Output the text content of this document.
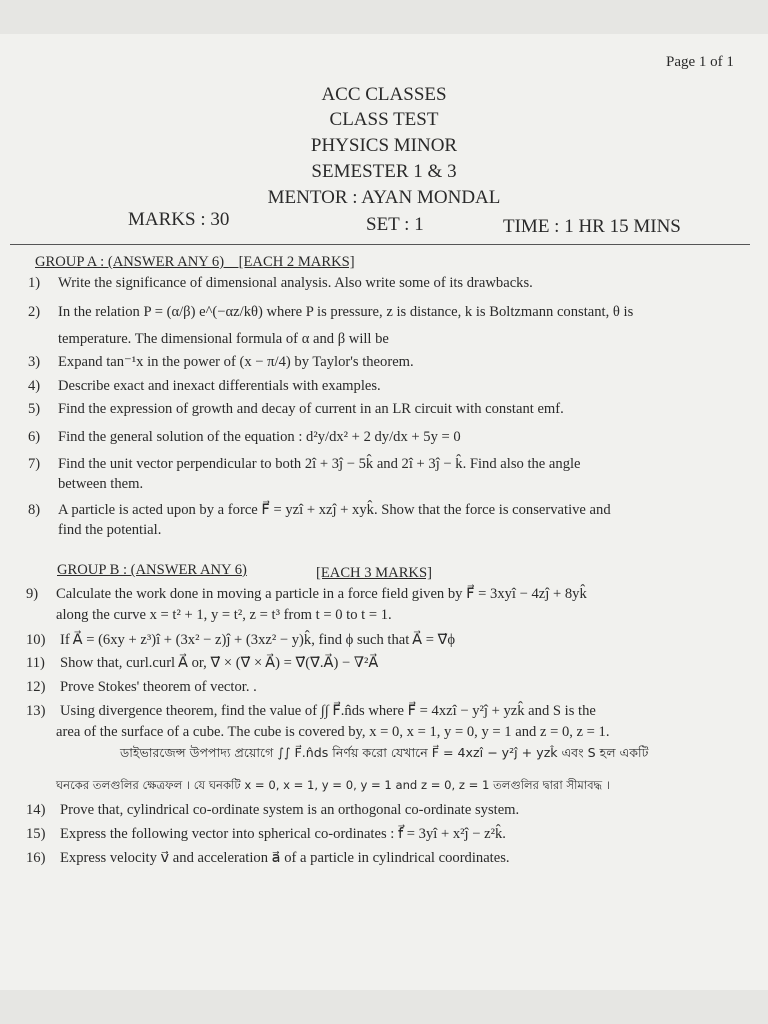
Page 1 of 1
ACC CLASSES
CLASS TEST
PHYSICS MINOR
SEMESTER 1 & 3
MENTOR : AYAN MONDAL
MARKS : 30	SET : 1	TIME : 1 HR 15 MINS
GROUP A : (ANSWER ANY 6)    [EACH 2 MARKS]
1)	Write the significance of dimensional analysis. Also write some of its drawbacks.
2)	In the relation P = (α/β) e^(−αz/kθ) where P is pressure, z is distance, k is Boltzmann constant, θ is
temperature. The dimensional formula of α and β will be
3)	Expand tan⁻¹x in the power of (x − π/4) by Taylor's theorem.
4)	Describe exact and inexact differentials with examples.
5)	Find the expression of growth and decay of current in an LR circuit with constant emf.
6)	Find the general solution of the equation : d²y/dx² + 2 dy/dx + 5y = 0
7)	Find the unit vector perpendicular to both 2î + 3ĵ − 5k̂ and 2î + 3ĵ − k̂. Find also the angle
between them.
8)	A particle is acted upon by a force F⃗ = yzî + xzĵ + xyk̂. Show that the force is conservative and
find the potential.
GROUP B : (ANSWER ANY 6)	[EACH 3 MARKS]
9)	Calculate the work done in moving a particle in a force field given by F⃗ = 3xyî − 4zĵ + 8yk̂
along the curve x = t² + 1, y = t², z = t³ from t = 0 to t = 1.
10) If A⃗ = (6xy + z³)î + (3x² − z)ĵ + (3xz² − y)k̂, find ϕ such that A⃗ = ∇⃗ϕ
11)	Show that, curl.curl A⃗ or, ∇⃗ × (∇⃗ × A⃗) = ∇⃗(∇⃗.A⃗) − ∇²A⃗
12) Prove Stokes' theorem of vector. .
13) Using divergence theorem, find the value of ∫∫ F⃗.n̂ds where F⃗ = 4xzî − y²ĵ + yzk̂ and S is the
area of the surface of a cube. The cube is covered by, x = 0, x = 1, y = 0, y = 1 and z = 0, z = 1.
ডাইভারজেন্স উপপাদ্য প্রয়োগে ∫∫ F⃗.n̂ds নির্ণয় করো যেখানে F⃗ = 4xzî − y²ĵ + yzk̂ এবং S হল একটি
ঘনকের তলগুলির ক্ষেত্রফল । যে ঘনকটি x = 0, x = 1, y = 0, y = 1 and z = 0, z = 1 তলগুলির দ্বারা সীমাবদ্ধ ।
14) Prove that, cylindrical co-ordinate system is an orthogonal co-ordinate system.
15) Express the following vector into spherical co-ordinates : f⃗ = 3yî + x²ĵ − z²k̂.
16) Express velocity v⃗ and acceleration a⃗ of a particle in cylindrical coordinates.
